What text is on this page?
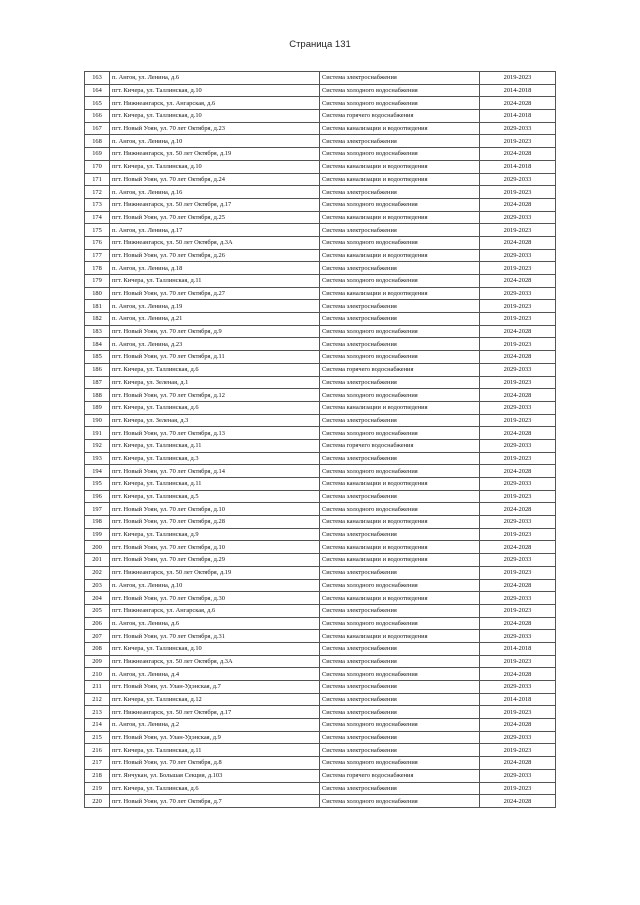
Страница 131
163	п. Ангоя, ул. Ленина, д.6	Система электроснабжения	2019-2023
164	пгт. Кичера, ул. Таллинская, д.10	Система холодного водоснабжения	2014-2018
165	пгт. Нижнеангарск, ул. Ангарская, д.6	Система холодного водоснабжения	2024-2028
166	пгт. Кичера, ул. Таллинская, д.10	Система горячего водоснабжения	2014-2018
167	пгт. Новый Уоян, ул. 70 лет Октября, д.23	Система канализации и водоотведения	2029-2033
168	п. Ангоя, ул. Ленина, д.10	Система электроснабжения	2019-2023
169	пгт. Нижнеангарск, ул. 50 лет Октября, д.19	Система холодного водоснабжения	2024-2028
170	пгт. Кичера, ул. Таллинская, д.10	Система канализации и водоотведения	2014-2018
171	пгт. Новый Уоян, ул. 70 лет Октября, д.24	Система канализации и водоотведения	2029-2033
172	п. Ангоя, ул. Ленина, д.16	Система электроснабжения	2019-2023
173	пгт. Нижнеангарск, ул. 50 лет Октября, д.17	Система холодного водоснабжения	2024-2028
174	пгт. Новый Уоян, ул. 70 лет Октября, д.25	Система канализации и водоотведения	2029-2033
175	п. Ангоя, ул. Ленина, д.17	Система электроснабжения	2019-2023
176	пгт. Нижнеангарск, ул. 50 лет Октября, д.3А	Система холодного водоснабжения	2024-2028
177	пгт. Новый Уоян, ул. 70 лет Октября, д.26	Система канализации и водоотведения	2029-2033
178	п. Ангоя, ул. Ленина, д.18	Система электроснабжения	2019-2023
179	пгт. Кичера, ул. Таллинская, д.11	Система холодного водоснабжения	2024-2028
180	пгт. Новый Уоян, ул. 70 лет Октября, д.27	Система канализации и водоотведения	2029-2033
181	п. Ангоя, ул. Ленина, д.19	Система электроснабжения	2019-2023
182	п. Ангоя, ул. Ленина, д.21	Система электроснабжения	2019-2023
183	пгт. Новый Уоян, ул. 70 лет Октября, д.9	Система холодного водоснабжения	2024-2028
184	п. Ангоя, ул. Ленина, д.23	Система электроснабжения	2019-2023
185	пгт. Новый Уоян, ул. 70 лет Октября, д.11	Система холодного водоснабжения	2024-2028
186	пгт. Кичера, ул. Таллинская, д.6	Система горячего водоснабжения	2029-2033
187	пгт. Кичера, ул. Зеленая, д.1	Система электроснабжения	2019-2023
188	пгт. Новый Уоян, ул. 70 лет Октября, д.12	Система холодного водоснабжения	2024-2028
189	пгт. Кичера, ул. Таллинская, д.6	Система канализации и водоотведения	2029-2033
190	пгт. Кичера, ул. Зеленая, д.3	Система электроснабжения	2019-2023
191	пгт. Новый Уоян, ул. 70 лет Октября, д.13	Система холодного водоснабжения	2024-2028
192	пгт. Кичера, ул. Таллинская, д.11	Система горячего водоснабжения	2029-2033
193	пгт. Кичера, ул. Таллинская, д.3	Система электроснабжения	2019-2023
194	пгт. Новый Уоян, ул. 70 лет Октября, д.14	Система холодного водоснабжения	2024-2028
195	пгт. Кичера, ул. Таллинская, д.11	Система канализации и водоотведения	2029-2033
196	пгт. Кичера, ул. Таллинская, д.5	Система электроснабжения	2019-2023
197	пгт. Новый Уоян, ул. 70 лет Октября, д.10	Система холодного водоснабжения	2024-2028
198	пгт. Новый Уоян, ул. 70 лет Октября, д.28	Система канализации и водоотведения	2029-2033
199	пгт. Кичера, ул. Таллинская, д.9	Система электроснабжения	2019-2023
200	пгт. Новый Уоян, ул. 70 лет Октября, д.10	Система канализации и водоотведения	2024-2028
201	пгт. Новый Уоян, ул. 70 лет Октября, д.29	Система канализации и водоотведения	2029-2033
202	пгт. Нижнеангарск, ул. 50 лет Октября, д.19	Система электроснабжения	2019-2023
203	п. Ангоя, ул. Ленина, д.10	Система холодного водоснабжения	2024-2028
204	пгт. Новый Уоян, ул. 70 лет Октября, д.30	Система канализации и водоотведения	2029-2033
205	пгт. Нижнеангарск, ул. Ангарская, д.6	Система электроснабжения	2019-2023
206	п. Ангоя, ул. Ленина, д.6	Система холодного водоснабжения	2024-2028
207	пгт. Новый Уоян, ул. 70 лет Октября, д.31	Система канализации и водоотведения	2029-2033
208	пгт. Кичера, ул. Таллинская, д.10	Система электроснабжения	2014-2018
209	пгт. Нижнеангарск, ул. 50 лет Октября, д.3А	Система электроснабжения	2019-2023
210	п. Ангоя, ул. Ленина, д.4	Система холодного водоснабжения	2024-2028
211	пгт. Новый Уоян, ул. Улан-Удэнская, д.7	Система электроснабжения	2029-2033
212	пгт. Кичера, ул. Таллинская, д.12	Система электроснабжения	2014-2018
213	пгт. Нижнеангарск, ул. 50 лет Октября, д.17	Система электроснабжения	2019-2023
214	п. Ангоя, ул. Ленина, д.2	Система холодного водоснабжения	2024-2028
215	пгт. Новый Уоян, ул. Улан-Удэнская, д.9	Система электроснабжения	2029-2033
216	пгт. Кичера, ул. Таллинская, д.11	Система электроснабжения	2019-2023
217	пгт. Новый Уоян, ул. 70 лет Октября, д.8	Система холодного водоснабжения	2024-2028
218	пгт. Янчукан, ул. Большая Секция, д.103	Система горячего водоснабжения	2029-2033
219	пгт. Кичера, ул. Таллинская, д.6	Система электроснабжения	2019-2023
220	пгт. Новый Уоян, ул. 70 лет Октября, д.7	Система холодного водоснабжения	2024-2028
